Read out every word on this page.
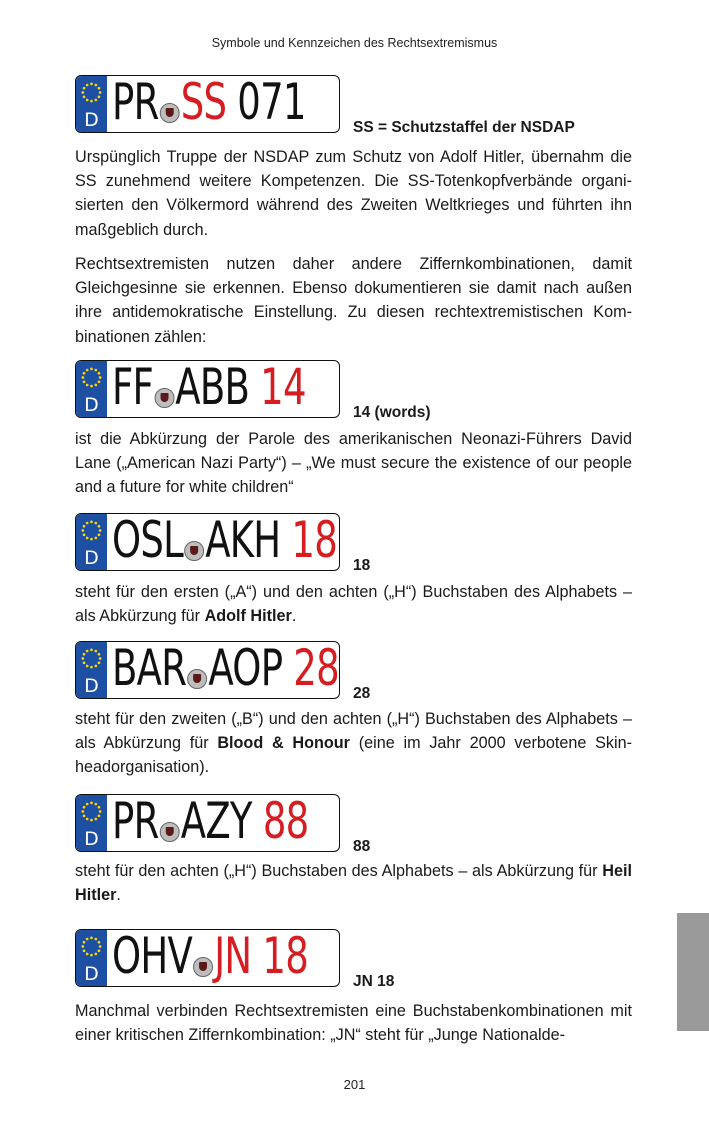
Symbole und Kennzeichen des Rechtsextremismus
D PR SS 071	SS = Schutzstaffel der NSDAP

Urspünglich Truppe der NSDAP zum Schutz von Adolf Hitler, übernahm die SS zunehmend weitere Kompetenzen. Die SS-Totenkopfverbände organisierten den Völkermord während des Zweiten Weltkrieges und führten ihn maßgeblich durch.

Rechtsextremisten nutzen daher andere Ziffernkombinationen, damit Gleichgesinne sie erkennen. Ebenso dokumentieren sie damit nach außen ihre antidemokratische Einstellung. Zu diesen rechtextremistischen Kombinationen zählen:

D FF ABB 14	14 (words)

ist die Abkürzung der Parole des amerikanischen Neonazi-Führers David Lane („American Nazi Party“) – „We must secure the existence of our people and a future for white children“

D OSL AKH 18 18

steht für den ersten („A“) und den achten („H“) Buchstaben des Alphabets – als Abkürzung für Adolf Hitler.

D BAR AOP 28 28

steht für den zweiten („B“) und den achten („H“) Buchstaben des Alphabets – als Abkürzung für Blood & Honour (eine im Jahr 2000 verbotene Skinheadorganisation).

D PR AZY 88	88

steht für den achten („H“) Buchstaben des Alphabets – als Abkürzung für Heil Hitler.

D OHV JN 18	JN 18

Manchmal verbinden Rechtsextremisten eine Buchstabenkombinationen mit einer kritischen Ziffernkombination: „JN“ steht für „Junge Nationalde-

201
